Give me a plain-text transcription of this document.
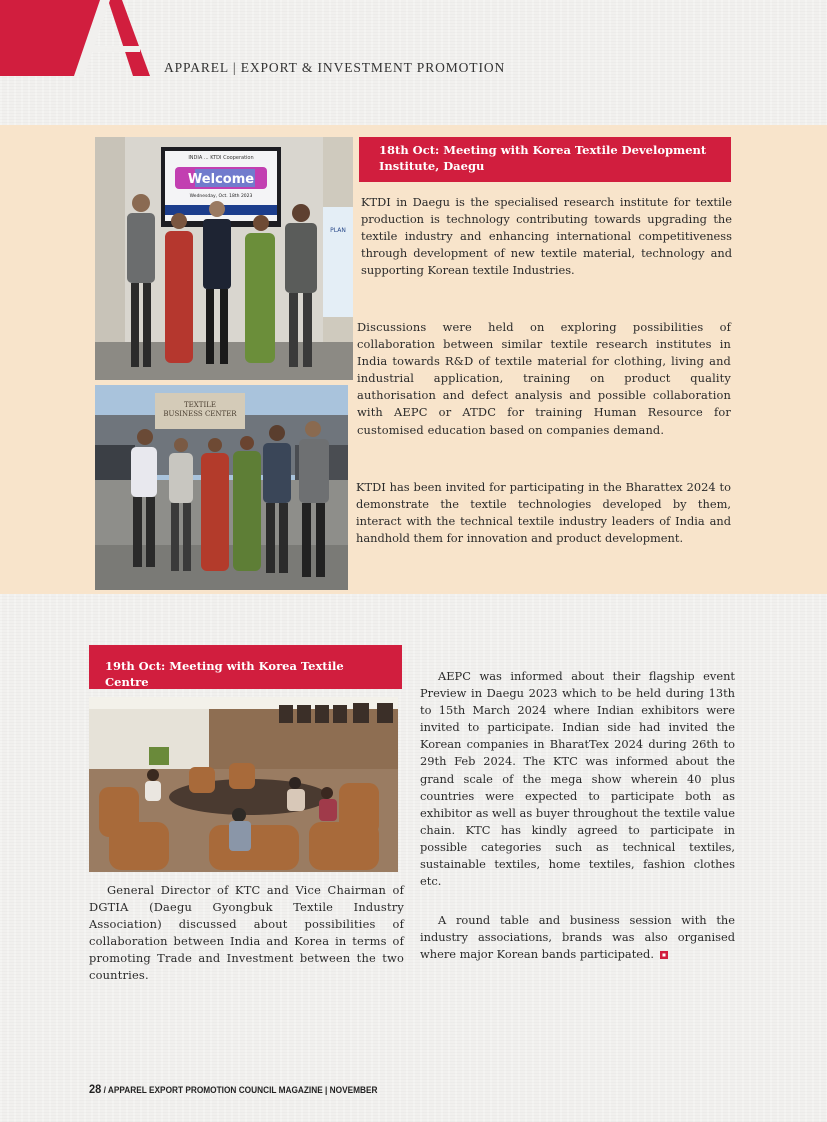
APPAREL | EXPORT & INVESTMENT PROMOTION
INDIA ... KTDI Cooperation
Welcome
Wednesday, Oct. 18th 2023
PLAN
TEXTILE
BUSINESS CENTER
18th Oct: Meeting with Korea Textile Development Institute, Daegu
KTDI in Daegu is the specialised research institute for textile production is technology contributing towards upgrading the textile industry and enhancing international competitiveness through development of new textile material, technology and supporting Korean textile Industries.
Discussions were held on exploring possibilities of collaboration between similar textile research institutes in India towards R&D of textile material for clothing, living and industrial application, training on product quality authorisation and defect analysis and possible collaboration with AEPC or ATDC for training Human Resource for customised education based on companies demand.
KTDI has been invited for participating in the Bharattex 2024 to demonstrate the textile technologies developed by them, interact with the technical textile industry leaders of India and handhold them for innovation and product development.
19th Oct: Meeting with Korea Textile Centre
General Director of KTC and Vice Chairman of DGTIA (Daegu Gyongbuk Textile Industry Association) discussed about possibilities of collaboration between India and Korea in terms of promoting Trade and Investment between the two countries.
AEPC was informed about their flagship event Preview in Daegu 2023 which to be held during 13th to 15th March 2024 where Indian exhibitors were invited to participate. Indian side had invited the Korean companies in BharatTex 2024 during 26th to 29th Feb 2024. The KTC was informed about the grand scale of the mega show wherein 40 plus countries were expected to participate both as exhibitor as well as buyer throughout the textile value chain. KTC has kindly agreed to participate in possible categories such as technical textiles, sustainable textiles, home textiles, fashion clothes etc.
A round table and business session with the industry associations, brands was also organised where major Korean bands participated.
28 / APPAREL EXPORT PROMOTION COUNCIL MAGAZINE | NOVEMBER
